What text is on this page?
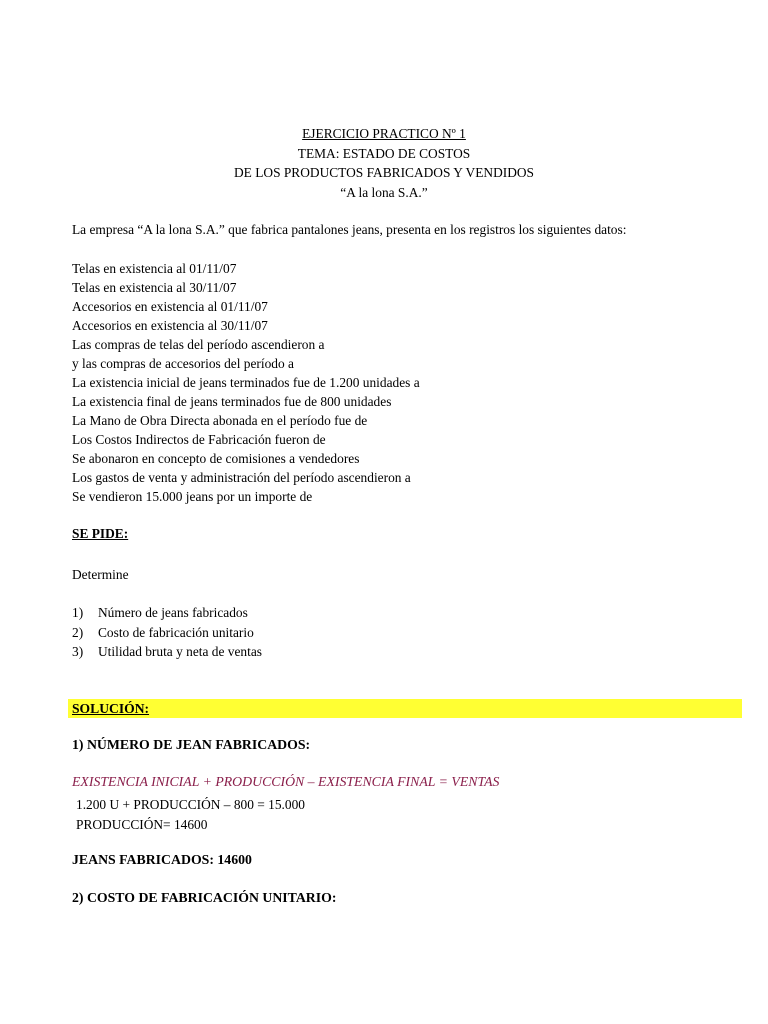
EJERCICIO PRACTICO Nº 1
TEMA: ESTADO DE COSTOS
DE LOS PRODUCTOS FABRICADOS Y VENDIDOS
“A la lona S.A.”
La empresa “A la lona S.A.” que fabrica pantalones jeans, presenta en los registros los siguientes datos:
Telas en existencia al 01/11/07
Telas en existencia al 30/11/07
Accesorios en existencia al 01/11/07
Accesorios en existencia al 30/11/07
Las compras de telas del período ascendieron a
y las compras de accesorios del período a
La existencia inicial de jeans terminados fue de 1.200 unidades a
La existencia final de jeans terminados fue de 800 unidades
La Mano de Obra Directa abonada en el período fue de
Los Costos Indirectos de Fabricación fueron de
Se abonaron en concepto de comisiones a vendedores
Los gastos de venta y administración del período ascendieron a
Se vendieron 15.000 jeans por un importe de
SE PIDE:
Determine
1) Número de jeans fabricados
2) Costo de fabricación unitario
3) Utilidad bruta y neta de ventas
SOLUCIÓN:
1) NÚMERO DE JEAN FABRICADOS:
EXISTENCIA INICIAL + PRODUCCIÓN – EXISTENCIA FINAL = VENTAS
1.200 U + PRODUCCIÓN – 800 = 15.000
PRODUCCIÓN= 14600
JEANS FABRICADOS: 14600
2) COSTO DE FABRICACIÓN UNITARIO:
